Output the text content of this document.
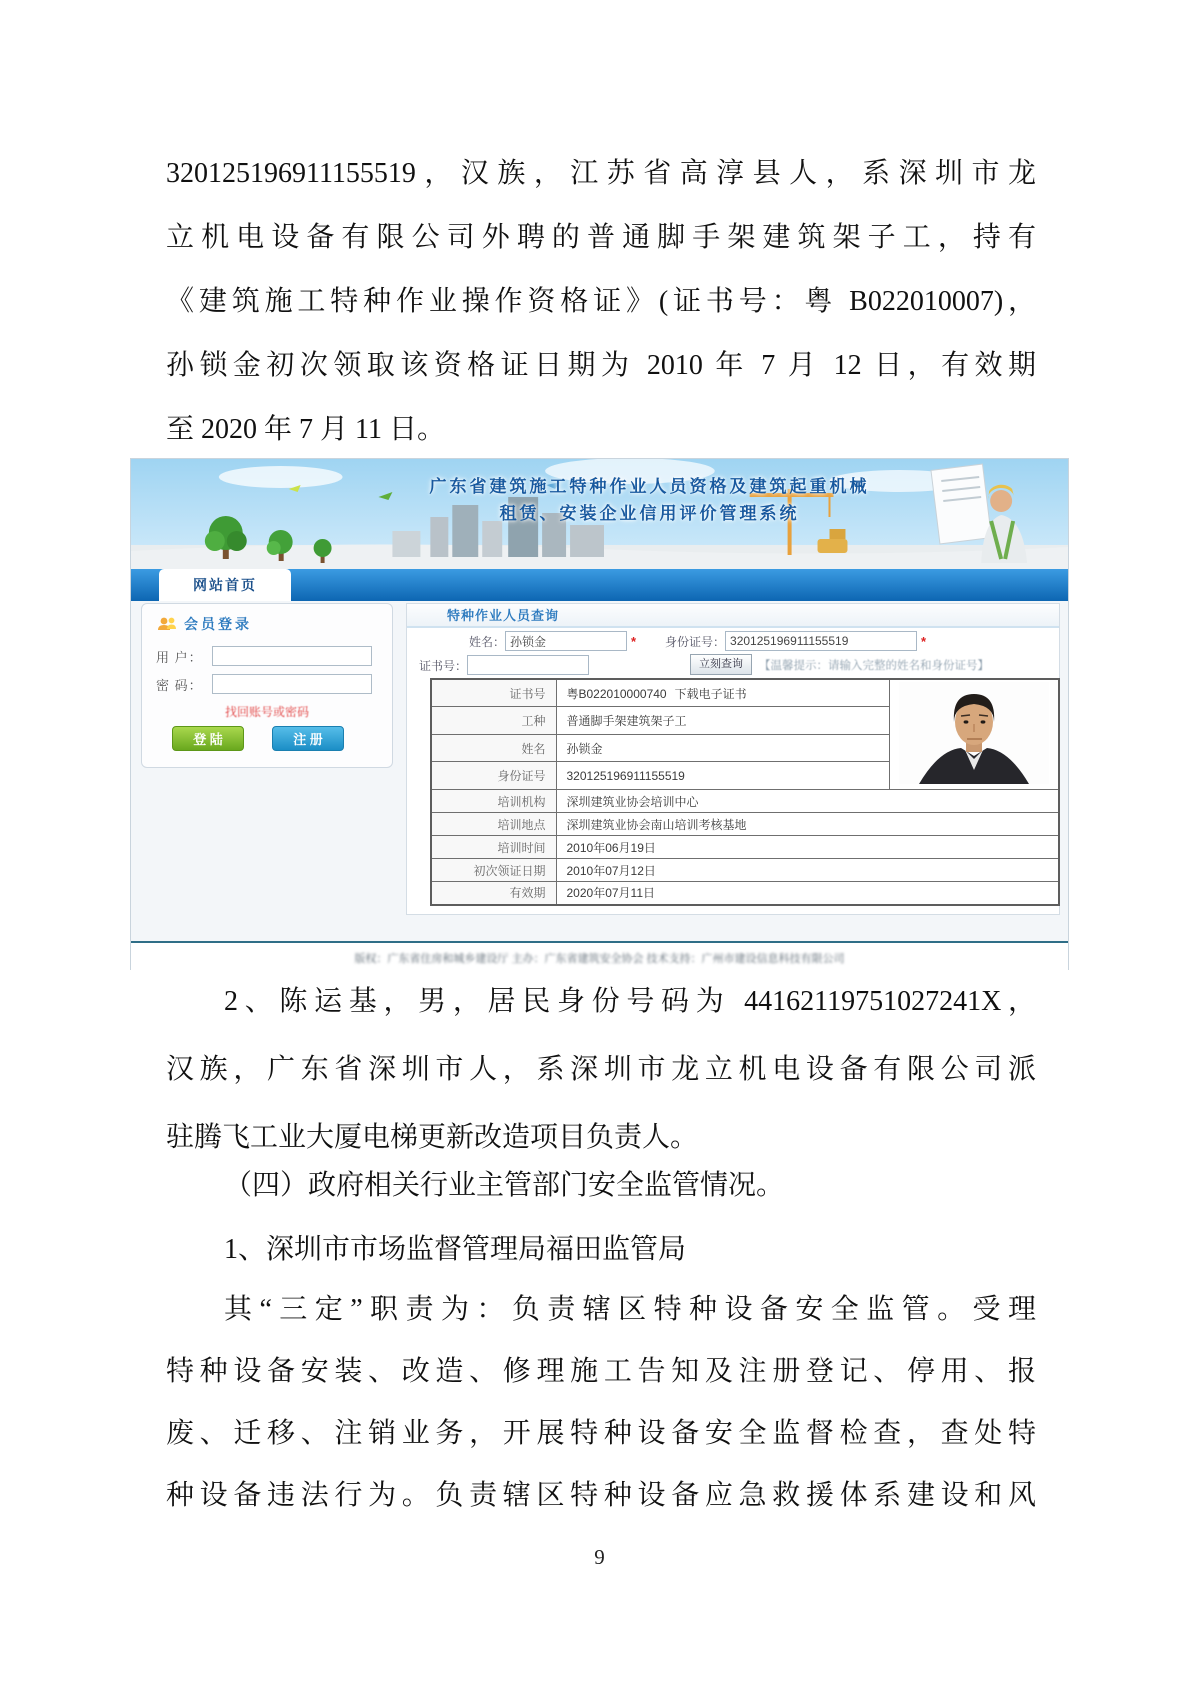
320125196911155519，汉族，江苏省高淳县人，系深圳市龙
立机电设备有限公司外聘的普通脚手架建筑架子工，持有
《建筑施工特种作业操作资格证》(证书号：粤 B022010007)，
孙锁金初次领取该资格证日期为 2010 年 7 月 12 日，有效期
至 2020 年 7 月 11 日。
广东省建筑施工特种作业人员资格及建筑起重机械
租赁、安装企业信用评价管理系统
网站首页
会员登录
用 户：
密 码：
找回账号或密码
登 陆	注 册
特种作业人员查询
姓名：
孙锁金	* 身份证号：
320125196911155519	*
证书号：	立刻查询	【温馨提示：请输入完整的姓名和身份证号】
证书号	粤B022010000740 下载电子证书	
工种	普通脚手架建筑架子工	
姓名	孙锁金	
身份证号	320125196911155519	
培训机构	深圳建筑业协会培训中心	
培训地点	深圳建筑业协会南山培训考核基地	
培训时间	2010年06月19日	
初次领证日期	2010年07月12日	
有效期	2020年07月11日	
版权：广东省住房和城乡建设厅 主办：广东省建筑安全协会 技术支持：广州市建设信息科技有限公司
2、陈运基，男，居民身份号码为 44162119751027241X，
汉族，广东省深圳市人，系深圳市龙立机电设备有限公司派
驻腾飞工业大厦电梯更新改造项目负责人。
（四）政府相关行业主管部门安全监管情况。
1、深圳市市场监督管理局福田监管局
其“三定”职责为：负责辖区特种设备安全监管。受理
特种设备安装、改造、修理施工告知及注册登记、停用、报
废、迁移、注销业务，开展特种设备安全监督检查，查处特
种设备违法行为。负责辖区特种设备应急救援体系建设和风
9
